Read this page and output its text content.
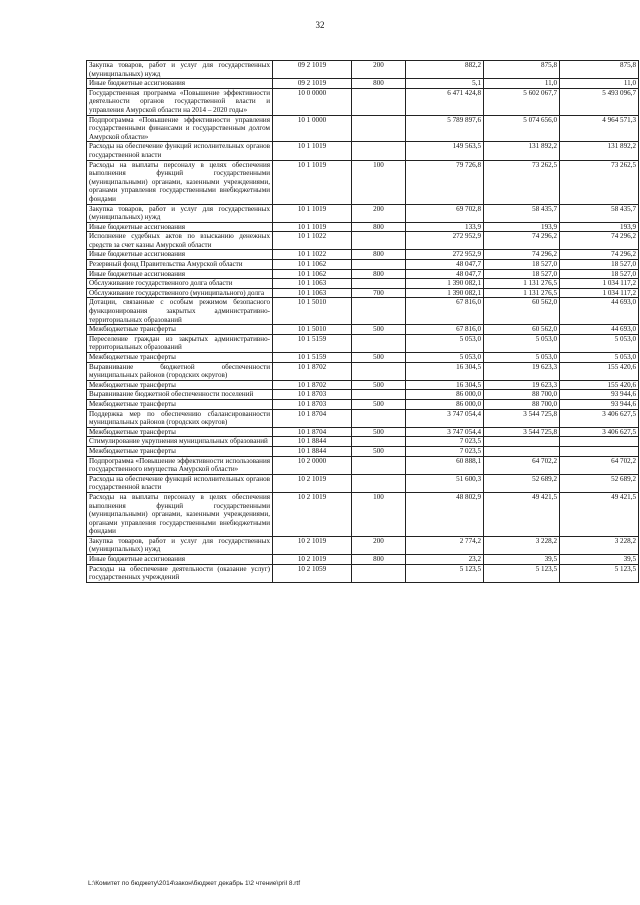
32
Закупка товаров, работ и услуг для государственных (муниципальных) нужд	09 2 1019	200	882,2	875,8	875,8
Иные бюджетные ассигнования	09 2 1019	800	5,1	11,0	11,0
Государственная программа «Повышение эффективности деятельности органов государственной власти и управления Амурской области на 2014 – 2020 годы»	10 0 0000		6 471 424,8	5 602 067,7	5 493 096,7
Подпрограмма «Повышение эффективности управления государственными финансами и государственным долгом Амурской области»	10 1 0000		5 789 897,6	5 074 656,0	4 964 571,3
Расходы на обеспечение функций исполнительных органов государственной власти	10 1 1019		149 563,5	131 892,2	131 892,2
Расходы на выплаты персоналу в целях обеспечения выполнения функций государственными (муниципальными) органами, казенными учреждениями, органами управления государственными внебюджетными фондами	10 1 1019	100	79 726,8	73 262,5	73 262,5
Закупка товаров, работ и услуг для государственных (муниципальных) нужд	10 1 1019	200	69 702,8	58 435,7	58 435,7
Иные бюджетные ассигнования	10 1 1019	800	133,9	193,9	193,9
Исполнение судебных актов по взысканию денежных средств за счет казны Амурской области	10 1 1022		272 952,9	74 296,2	74 296,2
Иные бюджетные ассигнования	10 1 1022	800	272 952,9	74 296,2	74 296,2
Резервный фонд Правительства Амурской области	10 1 1062		48 047,7	18 527,0	18 527,0
Иные бюджетные ассигнования	10 1 1062	800	48 047,7	18 527,0	18 527,0
Обслуживание государственного долга области	10 1 1063		1 390 082,1	1 131 276,5	1 034 117,2
Обслуживание государственного (муниципального) долга	10 1 1063	700	1 390 082,1	1 131 276,5	1 034 117,2
Дотации, связанные с особым режимом безопасного функционирования закрытых административно-территориальных образований	10 1 5010		67 816,0	60 562,0	44 693,0
Межбюджетные трансферты	10 1 5010	500	67 816,0	60 562,0	44 693,0
Переселение граждан из закрытых административно-территориальных образований	10 1 5159		5 053,0	5 053,0	5 053,0
Межбюджетные трансферты	10 1 5159	500	5 053,0	5 053,0	5 053,0
Выравнивание бюджетной обеспеченности муниципальных районов (городских округов)	10 1 8702		16 304,5	19 623,3	155 420,6
Межбюджетные трансферты	10 1 8702	500	16 304,5	19 623,3	155 420,6
Выравнивание бюджетной обеспеченности поселений	10 1 8703		86 000,0	88 700,0	93 944,6
Межбюджетные трансферты	10 1 8703	500	86 000,0	88 700,0	93 944,6
Поддержка мер по обеспечению сбалансированности муниципальных районов (городских округов)	10 1 8704		3 747 054,4	3 544 725,8	3 406 627,5
Межбюджетные трансферты	10 1 8704	500	3 747 054,4	3 544 725,8	3 406 627,5
Стимулирование укрупнения муниципальных образований	10 1 8844		7 023,5		
Межбюджетные трансферты	10 1 8844	500	7 023,5		
Подпрограмма «Повышение эффективности использования государственного имущества Амурской области»	10 2 0000		60 888,1	64 702,2	64 702,2
Расходы на обеспечение функций исполнительных органов государственной власти	10 2 1019		51 600,3	52 689,2	52 689,2
Расходы на выплаты персоналу в целях обеспечения выполнения функций государственными (муниципальными) органами, казенными учреждениями, органами управления государственными внебюджетными фондами	10 2 1019	100	48 802,9	49 421,5	49 421,5
Закупка товаров, работ и услуг для государственных (муниципальных) нужд	10 2 1019	200	2 774,2	3 228,2	3 228,2
Иные бюджетные ассигнования	10 2 1019	800	23,2	39,5	39,5
Расходы на обеспечение деятельности (оказание услуг) государственных учреждений	10 2 1059		5 123,5	5 123,5	5 123,5
L:\Комитет по бюджету\2014\закон\бюджет декабрь 1\2 чтение\pril 8.rtf
